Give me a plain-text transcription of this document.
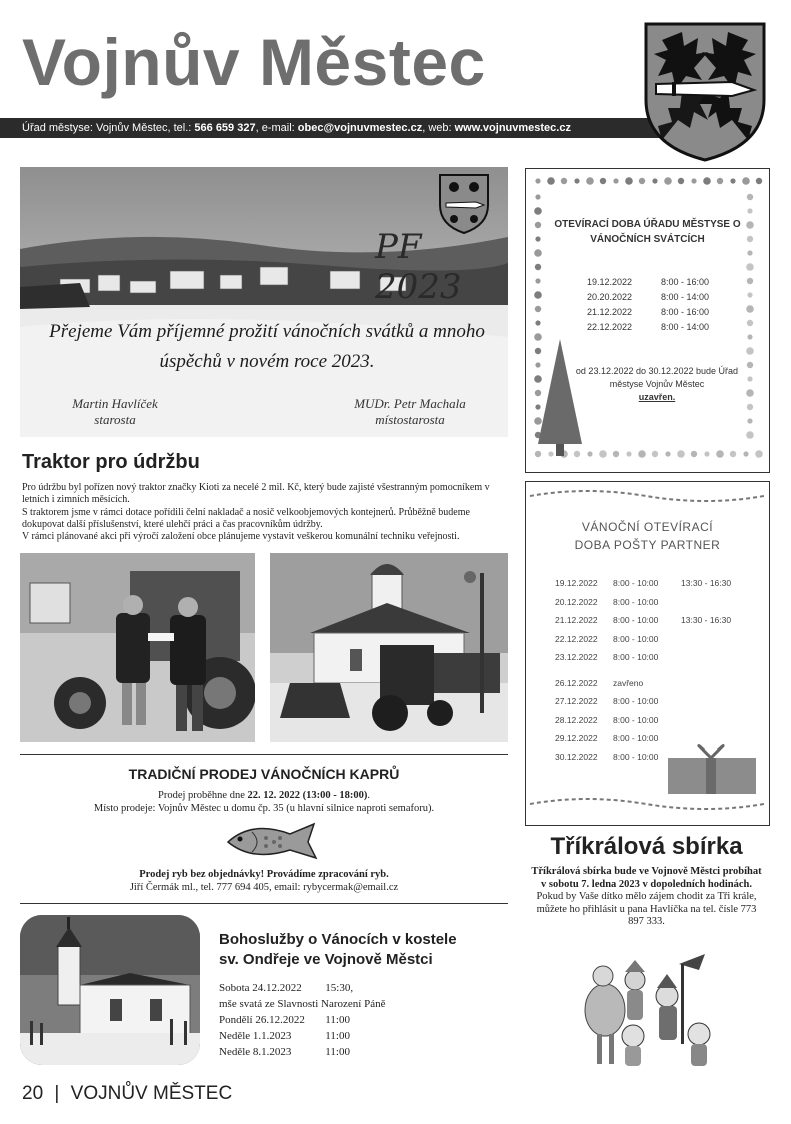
Vojnův Městec
Úřad městyse: Vojnův Městec, tel.: 566 659 327, e-mail: obec@vojnuvmestec.cz, web: www.vojnuvmestec.cz
PF 2023
Přejeme Vám příjemné prožití vánočních svátků a mnoho úspěchů v novém roce 2023.
Martin Havlíček
starosta
MUDr. Petr Machala
místostarosta
OTEVÍRACÍ DOBA ÚŘADU MĚSTYSE O VÁNOČNÍCH SVÁTCÍCH
19.12.2022	8:00 - 16:00
20.20.2022	8:00 - 14:00
21.12.2022	8:00 - 16:00
22.12.2022	8:00 - 14:00
od 23.12.2022 do 30.12.2022 bude Úřad městyse Vojnův Městec
uzavřen.
Traktor pro údržbu
Pro údržbu byl pořízen nový traktor značky Kioti za necelé 2 mil. Kč, který bude zajisté všestranným pomocníkem v letních i zimních měsících.
S traktorem jsme v rámci dotace pořídili čelní nakladač a nosič velkoobjemových kontejnerů. Průběžně budeme dokupovat další příslušenství, které ulehčí práci a čas pracovníkům údržby.
V rámci plánované akci při výročí založení obce plánujeme vystavit veškerou komunální techniku veřejnosti.
VÁNOČNÍ OTEVÍRACÍ
DOBA POŠTY PARTNER
19.12.2022	8:00 - 10:00	13:30 - 16:30
20.12.2022	8:00 - 10:00	
21.12.2022	8:00 - 10:00	13:30 - 16:30
22.12.2022	8:00 - 10:00	
23.12.2022	8:00 - 10:00	
26.12.2022	zavřeno	
27.12.2022	8:00 - 10:00	
28.12.2022	8:00 - 10:00	
29.12.2022	8:00 - 10:00	
30.12.2022	8:00 - 10:00	
TRADIČNÍ PRODEJ VÁNOČNÍCH KAPRŮ
Prodej proběhne dne 22. 12. 2022 (13:00 - 18:00).
Místo prodeje: Vojnův Městec u domu čp. 35 (u hlavní silnice naproti semaforu).
Prodej ryb bez objednávky! Provádíme zpracování ryb.
Jiří Čermák ml., tel. 777 694 405, email: rybycermak@email.cz
Tříkrálová sbírka
Tříkrálová sbírka bude ve Vojnově Městci probíhat v sobotu 7. ledna 2023 v dopoledních hodinách.
Pokud by Vaše dítko mělo zájem chodit za Tři krále, můžete ho přihlásit u pana Havlíčka na tel. čísle 773 897 333.
Bohoslužby o Vánocích v kostele
sv. Ondřeje ve Vojnově Městci
Sobota 24.12.2022	15:30,
mše svatá ze Slavnosti Narození Páně	
Pondělí 26.12.2022	11:00
Neděle 1.1.2023	11:00
Neděle 8.1.2023	11:00
20 | VOJNŮV MĚSTEC
